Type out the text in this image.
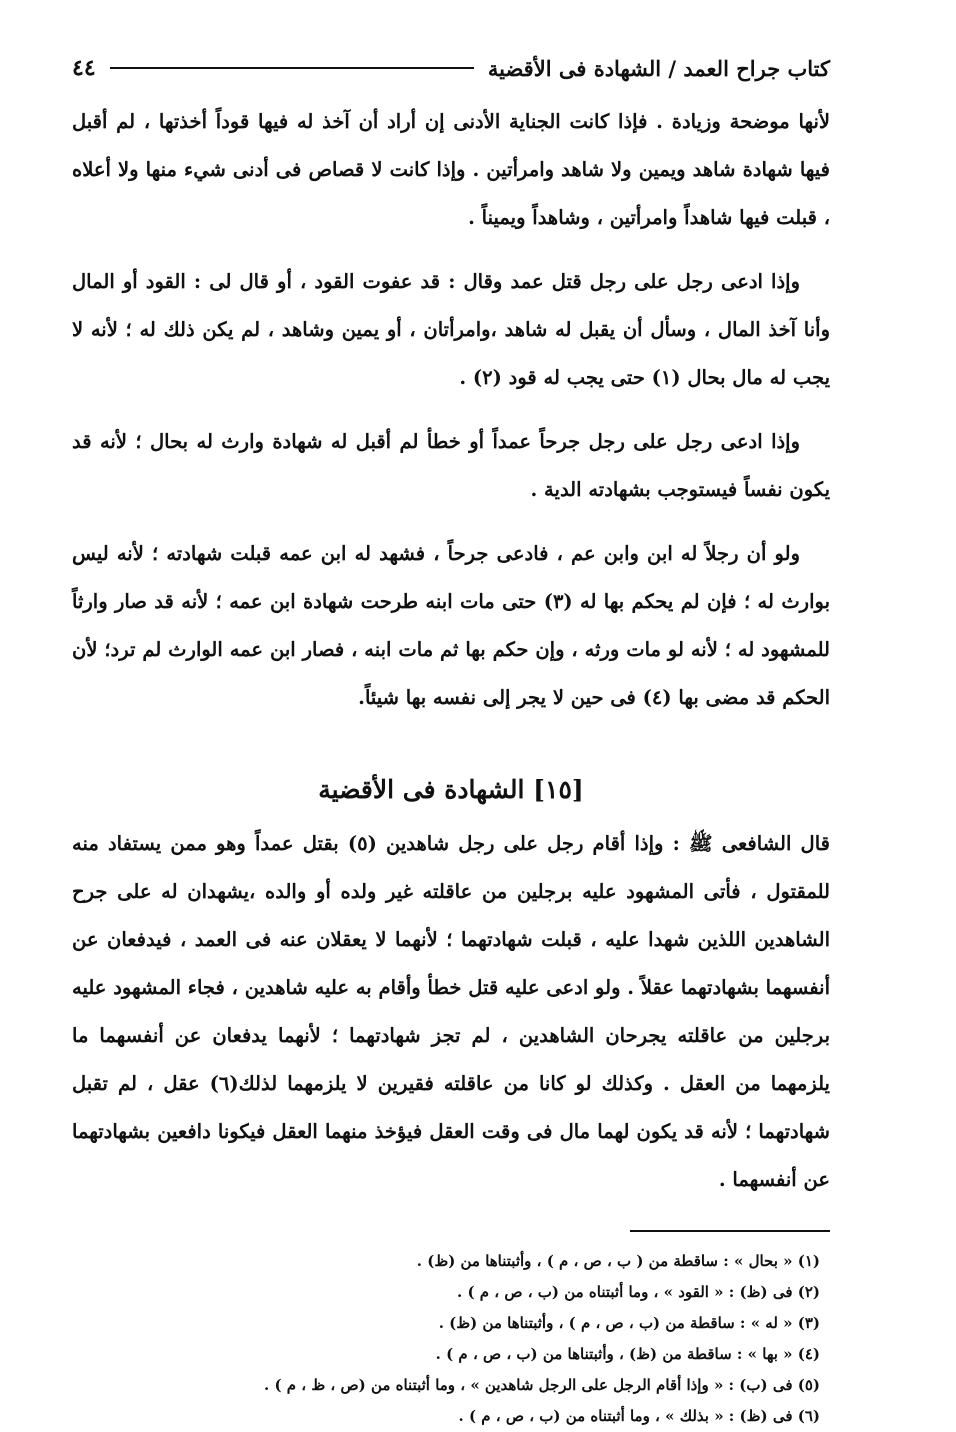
كتاب جراح العمد / الشهادة فى الأقضية
٤٤

لأنها موضحة وزيادة . فإذا كانت الجناية الأدنى إن أراد أن آخذ له فيها قوداً أخذتها ، لم أقبل فيها شهادة شاهد ويمين ولا شاهد وامرأتين . وإذا كانت لا قصاص فى أدنى شيء منها ولا أعلاه ، قبلت فيها شاهداً وامرأتين ، وشاهداً ويميناً .

وإذا ادعى رجل على رجل قتل عمد وقال : قد عفوت القود ، أو قال لى : القود أو المال وأنا آخذ المال ، وسأل أن يقبل له شاهد ،وامرأتان ، أو يمين وشاهد ، لم يكن ذلك له ؛ لأنه لا يجب له مال بحال (١) حتى يجب له قود (٢) .

وإذا ادعى رجل على رجل جرحاً عمداً أو خطأ لم أقبل له شهادة وارث له بحال ؛ لأنه قد يكون نفساً فيستوجب بشهادته الدية .

ولو أن رجلاً له ابن وابن عم ، فادعى جرحاً ، فشهد له ابن عمه قبلت شهادته ؛ لأنه ليس بوارث له ؛ فإن لم يحكم بها له (٣) حتى مات ابنه طرحت شهادة ابن عمه ؛ لأنه قد صار وارثاً للمشهود له ؛ لأنه لو مات ورثه ، وإن حكم بها ثم مات ابنه ، فصار ابن عمه الوارث لم ترد؛ لأن الحكم قد مضى بها (٤) فى حين لا يجر إلى نفسه بها شيئاً.

[١٥] الشهادة فى الأقضية

قال الشافعى ﷺ : وإذا أقام رجل على رجل شاهدين (٥) بقتل عمداً وهو ممن يستفاد منه للمقتول ، فأتى المشهود عليه برجلين من عاقلته غير ولده أو والده ،يشهدان له على جرح الشاهدين اللذين شهدا عليه ، قبلت شهادتهما ؛ لأنهما لا يعقلان عنه فى العمد ، فيدفعان عن أنفسهما بشهادتهما عقلاً . ولو ادعى عليه قتل خطأ وأقام به عليه شاهدين ، فجاء المشهود عليه برجلين من عاقلته يجرحان الشاهدين ، لم تجز شهادتهما ؛ لأنهما يدفعان عن أنفسهما ما يلزمهما من العقل . وكذلك لو كانا من عاقلته فقيرين لا يلزمهما لذلك(٦) عقل ، لم تقبل شهادتهما ؛ لأنه قد يكون لهما مال فى وقت العقل فيؤخذ منهما العقل فيكونا دافعين بشهادتهما عن أنفسهما .

(١) « بحال » : ساقطة من ( ب ، ص ، م ) ، وأثبتناها من (ظ) .
(٢) فى (ظ) : « القود » ، وما أثبتناه من (ب ، ص ، م ) .
(٣) « له » : ساقطة من (ب ، ص ، م ) ، وأثبتناها من (ظ) .
(٤) « بها » : ساقطة من (ظ) ، وأثبتناها من (ب ، ص ، م ) .
(٥) فى (ب) : « وإذا أقام الرجل على الرجل شاهدين » ، وما أثبتناه من (ص ، ظ ، م ) .
(٦) فى (ظ) : « بذلك » ، وما أثبتناه من (ب ، ص ، م ) .
